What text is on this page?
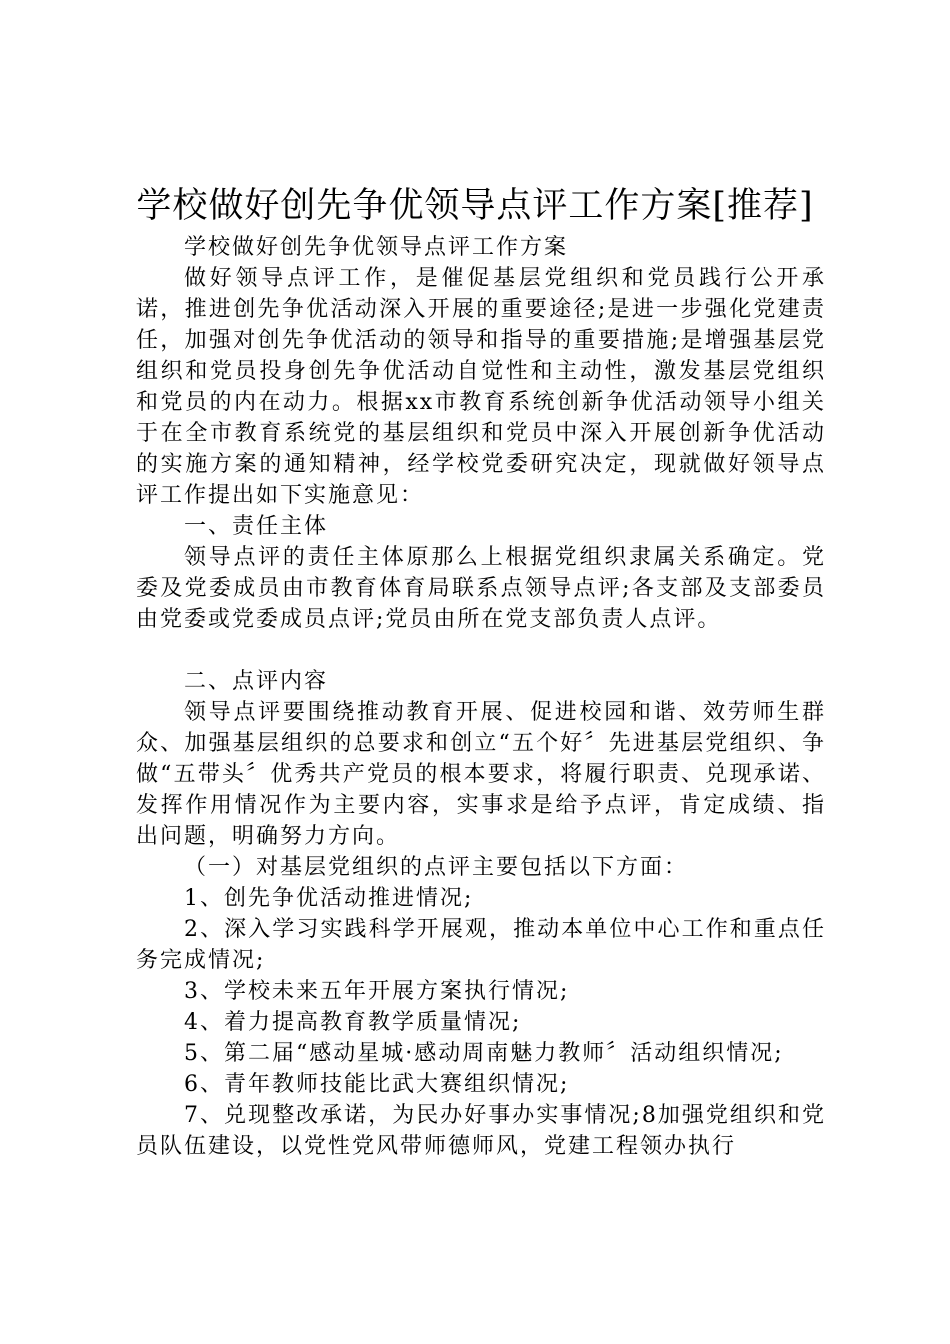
学校做好创先争优领导点评工作方案[推荐]

学校做好创先争优领导点评工作方案

做好领导点评工作，是催促基层党组织和党员践行公开承诺，推进创先争优活动深入开展的重要途径;是进一步强化党建责任，加强对创先争优活动的领导和指导的重要措施;是增强基层党组织和党员投身创先争优活动自觉性和主动性，激发基层党组织和党员的内在动力。根据xx市教育系统创新争优活动领导小组关于在全市教育系统党的基层组织和党员中深入开展创新争优活动的实施方案的通知精神，经学校党委研究决定，现就做好领导点评工作提出如下实施意见：

一、责任主体

领导点评的责任主体原那么上根据党组织隶属关系确定。党委及党委成员由市教育体育局联系点领导点评;各支部及支部委员由党委或党委成员点评;党员由所在党支部负责人点评。

二、点评内容

领导点评要围绕推动教育开展、促进校园和谐、效劳师生群众、加强基层组织的总要求和创立“五个好〞先进基层党组织、争做“五带头〞优秀共产党员的根本要求，将履行职责、兑现承诺、发挥作用情况作为主要内容，实事求是给予点评，肯定成绩、指出问题，明确努力方向。

（一）对基层党组织的点评主要包括以下方面：

1、创先争优活动推进情况;

2、深入学习实践科学开展观，推动本单位中心工作和重点任务完成情况;

3、学校未来五年开展方案执行情况;

4、着力提高教育教学质量情况;

5、第二届“感动星城·感动周南魅力教师〞活动组织情况;

6、青年教师技能比武大赛组织情况;

7、兑现整改承诺，为民办好事办实事情况;8加强党组织和党员队伍建设，以党性党风带师德师风，党建工程领办执行
